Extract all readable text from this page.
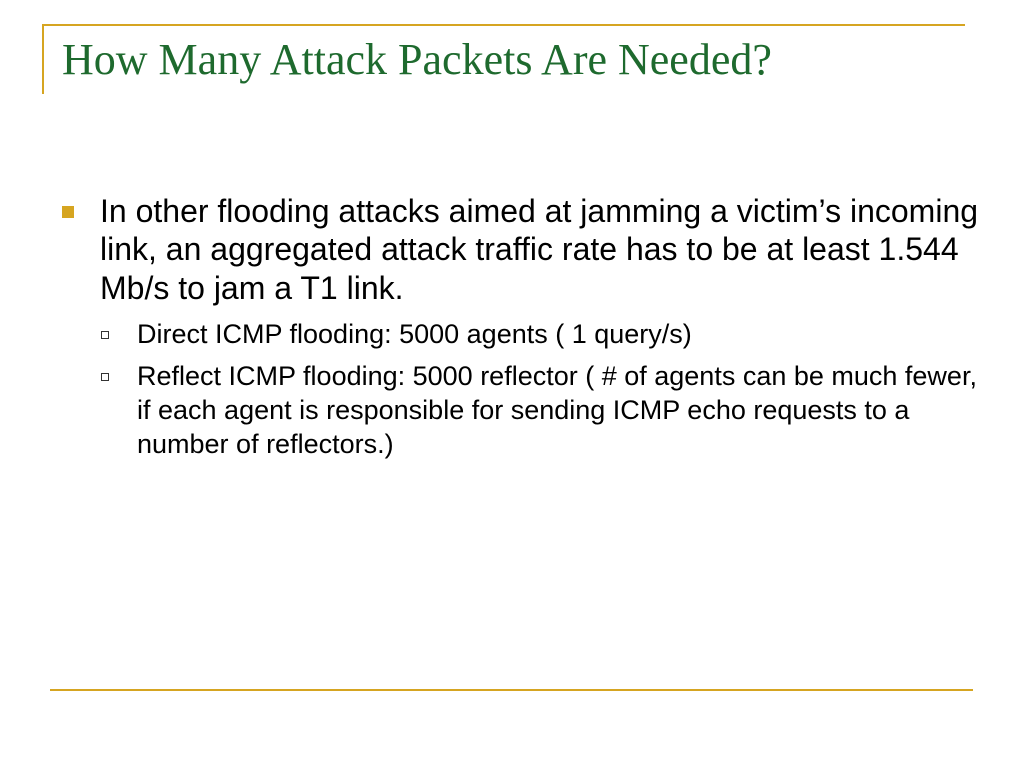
How Many Attack Packets Are Needed?
In other flooding attacks aimed at jamming a victim’s incoming link, an aggregated attack traffic rate has to be at least 1.544 Mb/s to jam a T1 link.
Direct ICMP flooding: 5000 agents ( 1 query/s)
Reflect ICMP flooding: 5000 reflector ( # of agents can be much fewer, if each agent is responsible for sending ICMP echo requests to a number of reflectors.)
